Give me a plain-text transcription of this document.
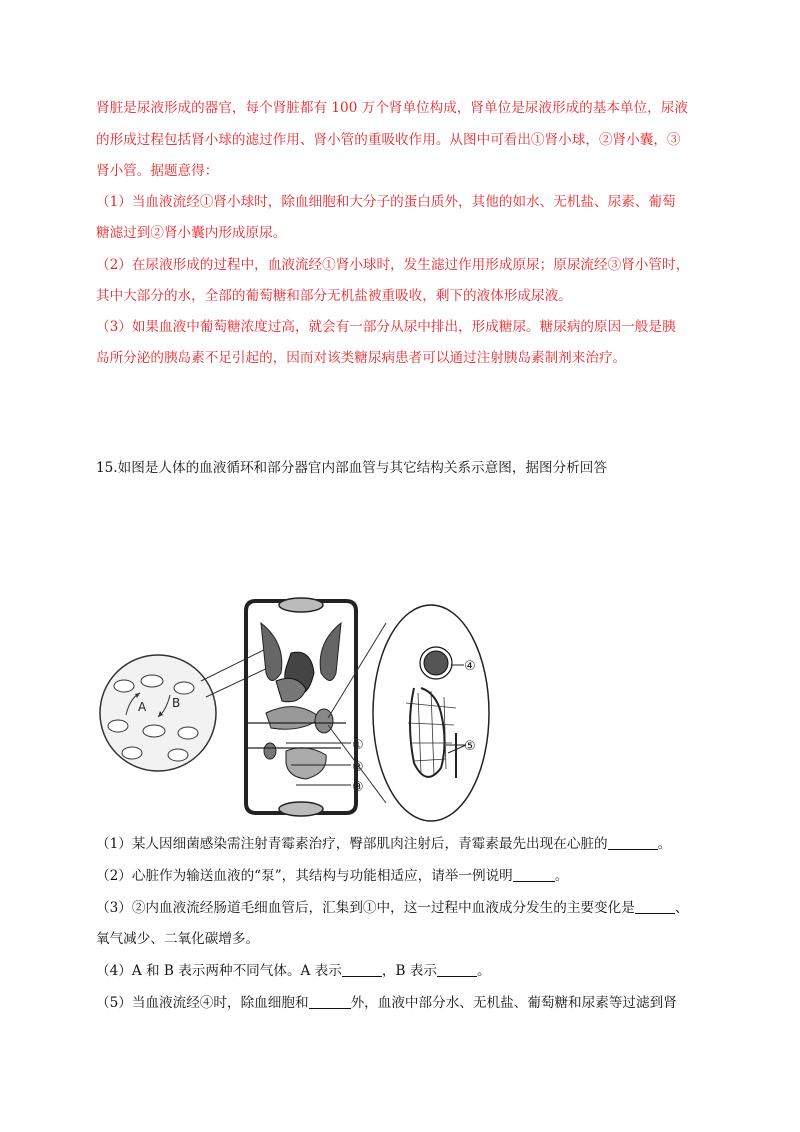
肾脏是尿液形成的器官，每个肾脏都有 100 万个肾单位构成，肾单位是尿液形成的基本单位，尿液
的形成过程包括肾小球的滤过作用、肾小管的重吸收作用。从图中可看出①肾小球，②肾小囊，③
肾小管。据题意得：
（1）当血液流经①肾小球时，除血细胞和大分子的蛋白质外，其他的如水、无机盐、尿素、葡萄
糖滤过到②肾小囊内形成原尿。
（2）在尿液形成的过程中，血液流经①肾小球时，发生滤过作用形成原尿；原尿流经③肾小管时，
其中大部分的水，全部的葡萄糖和部分无机盐被重吸收，剩下的液体形成尿液。
（3）如果血液中葡萄糖浓度过高，就会有一部分从尿中排出，形成糖尿。糖尿病的原因一般是胰
岛所分泌的胰岛素不足引起的，因而对该类糖尿病患者可以通过注射胰岛素制剂来治疗。
15.如图是人体的血液循环和部分器官内部血管与其它结构关系示意图，据图分析回答
A B
①
②
③
④
⑤
（1）某人因细菌感染需注射青霉素治疗，臀部肌肉注射后，青霉素最先出现在心脏的	。
（2）心脏作为输送血液的“泵”，其结构与功能相适应，请举一例说明	。
（3）②内血液流经肠道毛细血管后，汇集到①中，这一过程中血液成分发生的主要变化是	、
氧气减少、二氧化碳增多。
（4）A 和 B 表示两种不同气体。A 表示	，B 表示	。
（5）当血液流经④时，除血细胞和	外，血液中部分水、无机盐、葡萄糖和尿素等过滤到肾
